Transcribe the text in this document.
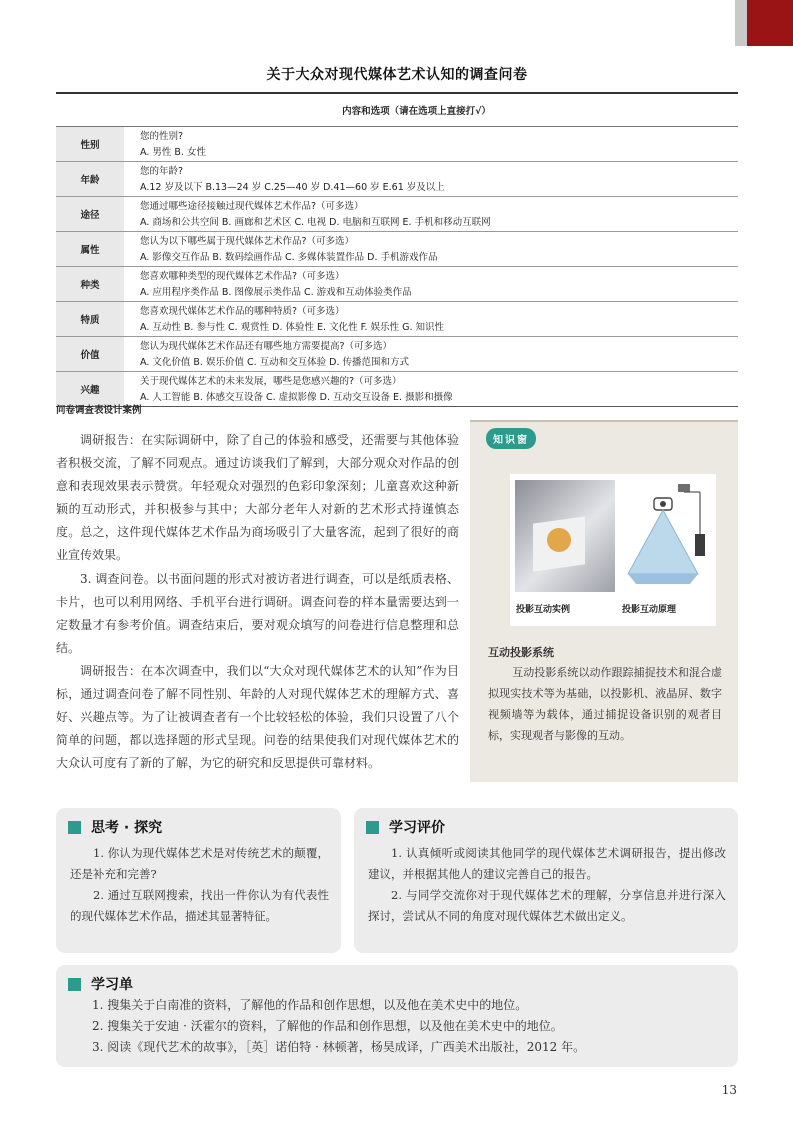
关于大众对现代媒体艺术认知的调查问卷
内容和选项（请在选项上直接打√）	
性别	您的性别?
A. 男性 B. 女性

年龄	您的年龄?
A.12 岁及以下 B.13—24 岁 C.25—40 岁 D.41—60 岁 E.61 岁及以上

途径	您通过哪些途径接触过现代媒体艺术作品?（可多选）
A. 商场和公共空间 B. 画廊和艺术区 C. 电视 D. 电脑和互联网 E. 手机和移动互联网

属性	您认为以下哪些属于现代媒体艺术作品?（可多选）
A. 影像交互作品 B. 数码绘画作品 C. 多媒体装置作品 D. 手机游戏作品

种类	您喜欢哪种类型的现代媒体艺术作品?（可多选）
A. 应用程序类作品 B. 图像展示类作品 C. 游戏和互动体验类作品

特质	您喜欢现代媒体艺术作品的哪种特质?（可多选）
A. 互动性 B. 参与性 C. 观赏性 D. 体验性 E. 文化性 F. 娱乐性 G. 知识性

价值	您认为现代媒体艺术作品还有哪些地方需要提高?（可多选）
A. 文化价值 B. 娱乐价值 C. 互动和交互体验 D. 传播范围和方式

兴趣	关于现代媒体艺术的未来发展，哪些是您感兴趣的?（可多选）
A. 人工智能 B. 体感交互设备 C. 虚拟影像 D. 互动交互设备 E. 摄影和摄像
问卷调查表设计案例

调研报告：在实际调研中，除了自己的体验和感受，还需要与其他体验者积极交流，了解不同观点。通过访谈我们了解到，大部分观众对作品的创意和表现效果表示赞赏。年轻观众对强烈的色彩印象深刻；儿童喜欢这种新颖的互动形式，并积极参与其中；大部分老年人对新的艺术形式持谨慎态度。总之，这件现代媒体艺术作品为商场吸引了大量客流，起到了很好的商业宣传效果。

3. 调查问卷。以书面问题的形式对被访者进行调查，可以是纸质表格、卡片，也可以利用网络、手机平台进行调研。调查问卷的样本量需要达到一定数量才有参考价值。调查结束后，要对观众填写的问卷进行信息整理和总结。

调研报告：在本次调查中，我们以“大众对现代媒体艺术的认知”作为目标，通过调查问卷了解不同性别、年龄的人对现代媒体艺术的理解方式、喜好、兴趣点等。为了让被调查者有一个比较轻松的体验，我们只设置了八个简单的问题，都以选择题的形式呈现。问卷的结果使我们对现代媒体艺术的大众认可度有了新的了解，为它的研究和反思提供可靠材料。

知识窗
投影互动实例	投影互动原理
互动投影系统

互动投影系统以动作跟踪捕捉技术和混合虚拟现实技术等为基础，以投影机、液晶屏、数字视频墙等为载体，通过捕捉设备识别的观者目标，实现观者与影像的互动。

思考 · 探究

1. 你认为现代媒体艺术是对传统艺术的颠覆，还是补充和完善?

2. 通过互联网搜索，找出一件你认为有代表性的现代媒体艺术作品，描述其显著特征。

学习评价

1. 认真倾听或阅读其他同学的现代媒体艺术调研报告，提出修改建议，并根据其他人的建议完善自己的报告。

2. 与同学交流你对于现代媒体艺术的理解，分享信息并进行深入探讨，尝试从不同的角度对现代媒体艺术做出定义。

学习单

1. 搜集关于白南准的资料，了解他的作品和创作思想，以及他在美术史中的地位。

2. 搜集关于安迪 · 沃霍尔的资料，了解他的作品和创作思想，以及他在美术史中的地位。

3. 阅读《现代艺术的故事》，［英］诺伯特 · 林顿著，杨昊成译，广西美术出版社，2012 年。

13
